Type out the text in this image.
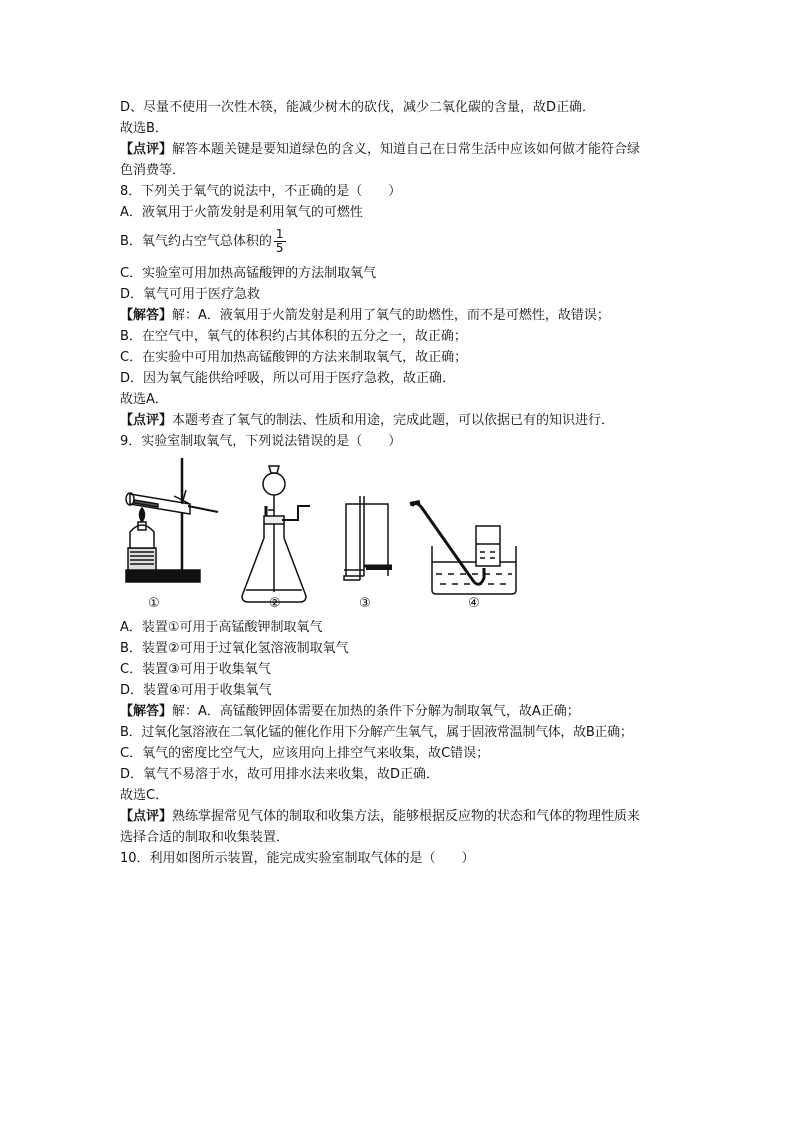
D、尽量不使用一次性木筷，能减少树木的砍伐，减少二氧化碳的含量，故D正确．
故选B．
【点评】解答本题关键是要知道绿色的含义，知道自己在日常生活中应该如何做才能符合绿
色消费等．
8．下列关于氧气的说法中，不正确的是（　　）
A．液氧用于火箭发射是利用氧气的可燃性
B．氧气约占空气总体积的 $\frac{1}{5}$
C．实验室可用加热高锰酸钾的方法制取氧气
D．氧气可用于医疗急救
【解答】解：A．液氧用于火箭发射是利用了氧气的助燃性，而不是可燃性，故错误；
B．在空气中，氧气的体积约占其体积的五分之一，故正确；
C．在实验中可用加热高锰酸钾的方法来制取氧气，故正确；
D．因为氧气能供给呼吸，所以可用于医疗急救，故正确．
故选A．
【点评】本题考查了氧气的制法、性质和用途，完成此题，可以依据已有的知识进行．
9．实验室制取氧气，下列说法错误的是（　　）
①	②	③	④
A．装置①可用于高锰酸钾制取氧气
B．装置②可用于过氧化氢溶液制取氧气
C．装置③可用于收集氧气
D．装置④可用于收集氧气
【解答】解：A．高锰酸钾固体需要在加热的条件下分解为制取氧气，故A正确；
B．过氧化氢溶液在二氧化锰的催化作用下分解产生氧气，属于固液常温制气体，故B正确；
C．氧气的密度比空气大，应该用向上排空气来收集，故C错误；
D．氧气不易溶于水，故可用排水法来收集，故D正确．
故选C．
【点评】熟练掌握常见气体的制取和收集方法，能够根据反应物的状态和气体的物理性质来
选择合适的制取和收集装置．
10．利用如图所示装置，能完成实验室制取气体的是（　　）
